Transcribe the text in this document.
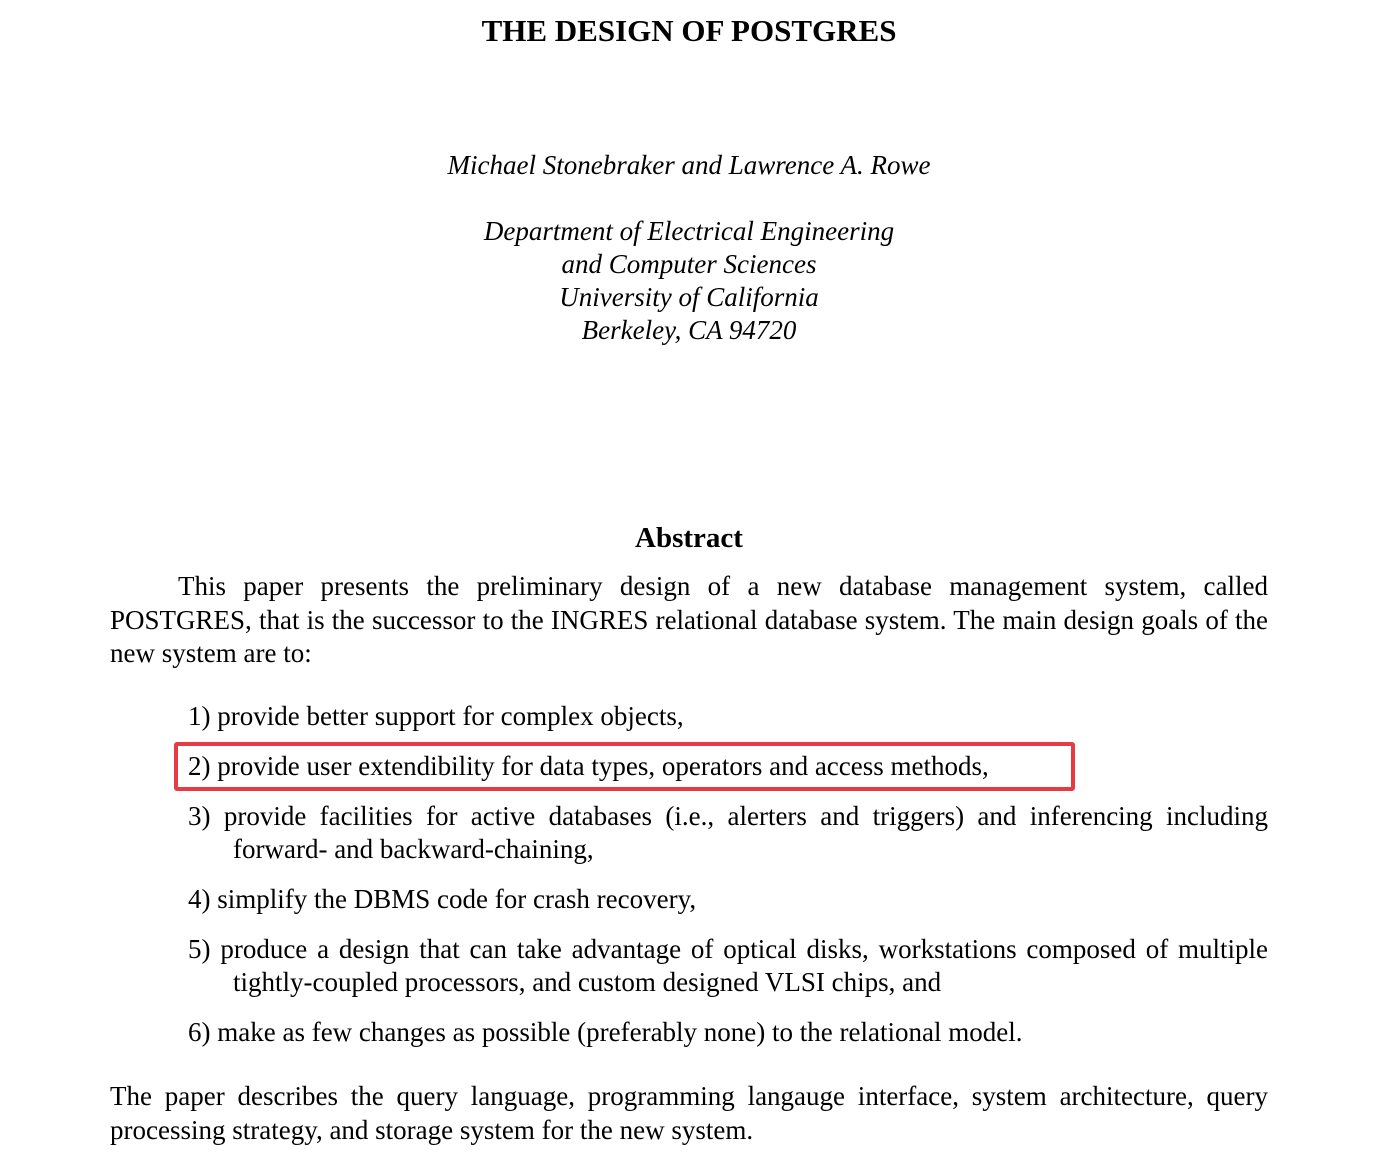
THE DESIGN OF POSTGRES
Michael Stonebraker and Lawrence A. Rowe
Department of Electrical Engineering
and Computer Sciences
University of California
Berkeley, CA 94720
Abstract

This paper presents the preliminary design of a new database management system, called POSTGRES, that is the successor to the INGRES relational database system. The main design goals of the new system are to:

1) provide better support for complex objects,
2) provide user extendibility for data types, operators and access methods,
3) provide facilities for active databases (i.e., alerters and triggers) and inferencing including forward- and backward-chaining,
4) simplify the DBMS code for crash recovery,
5) produce a design that can take advantage of optical disks, workstations composed of multiple tightly-coupled processors, and custom designed VLSI chips, and
6) make as few changes as possible (preferably none) to the relational model.

The paper describes the query language, programming langauge interface, system architecture, query processing strategy, and storage system for the new system.
